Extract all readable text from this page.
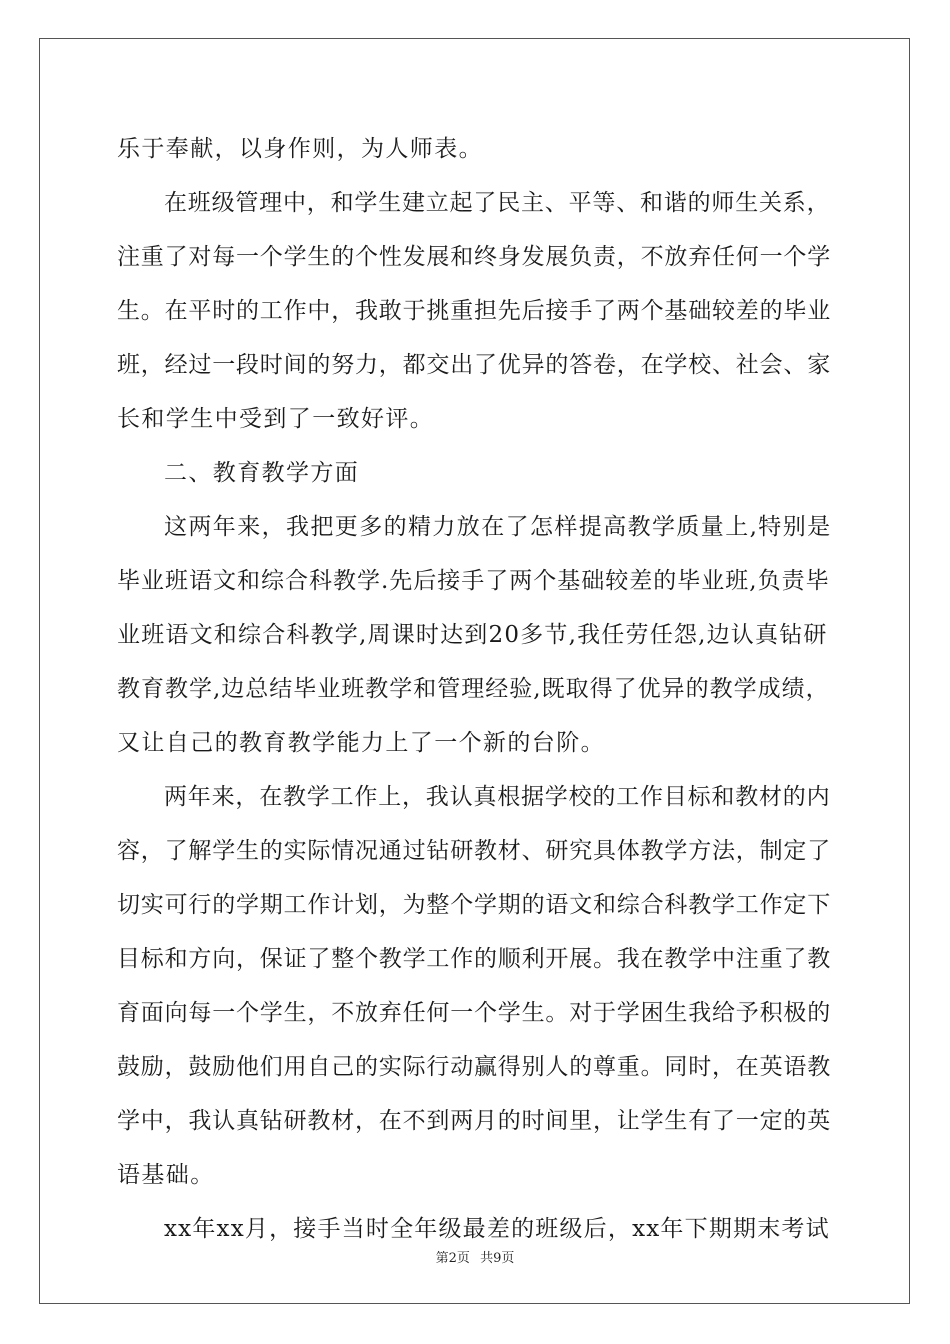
乐于奉献，以身作则，为人师表。
在班级管理中，和学生建立起了民主、平等、和谐的师生关系，
注重了对每一个学生的个性发展和终身发展负责，不放弃任何一个学
生。在平时的工作中，我敢于挑重担先后接手了两个基础较差的毕业
班，经过一段时间的努力，都交出了优异的答卷，在学校、社会、家
长和学生中受到了一致好评。
二、教育教学方面
这两年来，我把更多的精力放在了怎样提高教学质量上,特别是
毕业班语文和综合科教学.先后接手了两个基础较差的毕业班,负责毕
业班语文和综合科教学,周课时达到20多节,我任劳任怨,边认真钻研
教育教学,边总结毕业班教学和管理经验,既取得了优异的教学成绩，
又让自己的教育教学能力上了一个新的台阶。
两年来，在教学工作上，我认真根据学校的工作目标和教材的内
容，了解学生的实际情况通过钻研教材、研究具体教学方法，制定了
切实可行的学期工作计划，为整个学期的语文和综合科教学工作定下
目标和方向，保证了整个教学工作的顺利开展。我在教学中注重了教
育面向每一个学生，不放弃任何一个学生。对于学困生我给予积极的
鼓励，鼓励他们用自己的实际行动赢得别人的尊重。同时，在英语教
学中，我认真钻研教材，在不到两月的时间里，让学生有了一定的英
语基础。
xx年xx月，接手当时全年级最差的班级后，xx年下期期末考试
第2页 共9页
